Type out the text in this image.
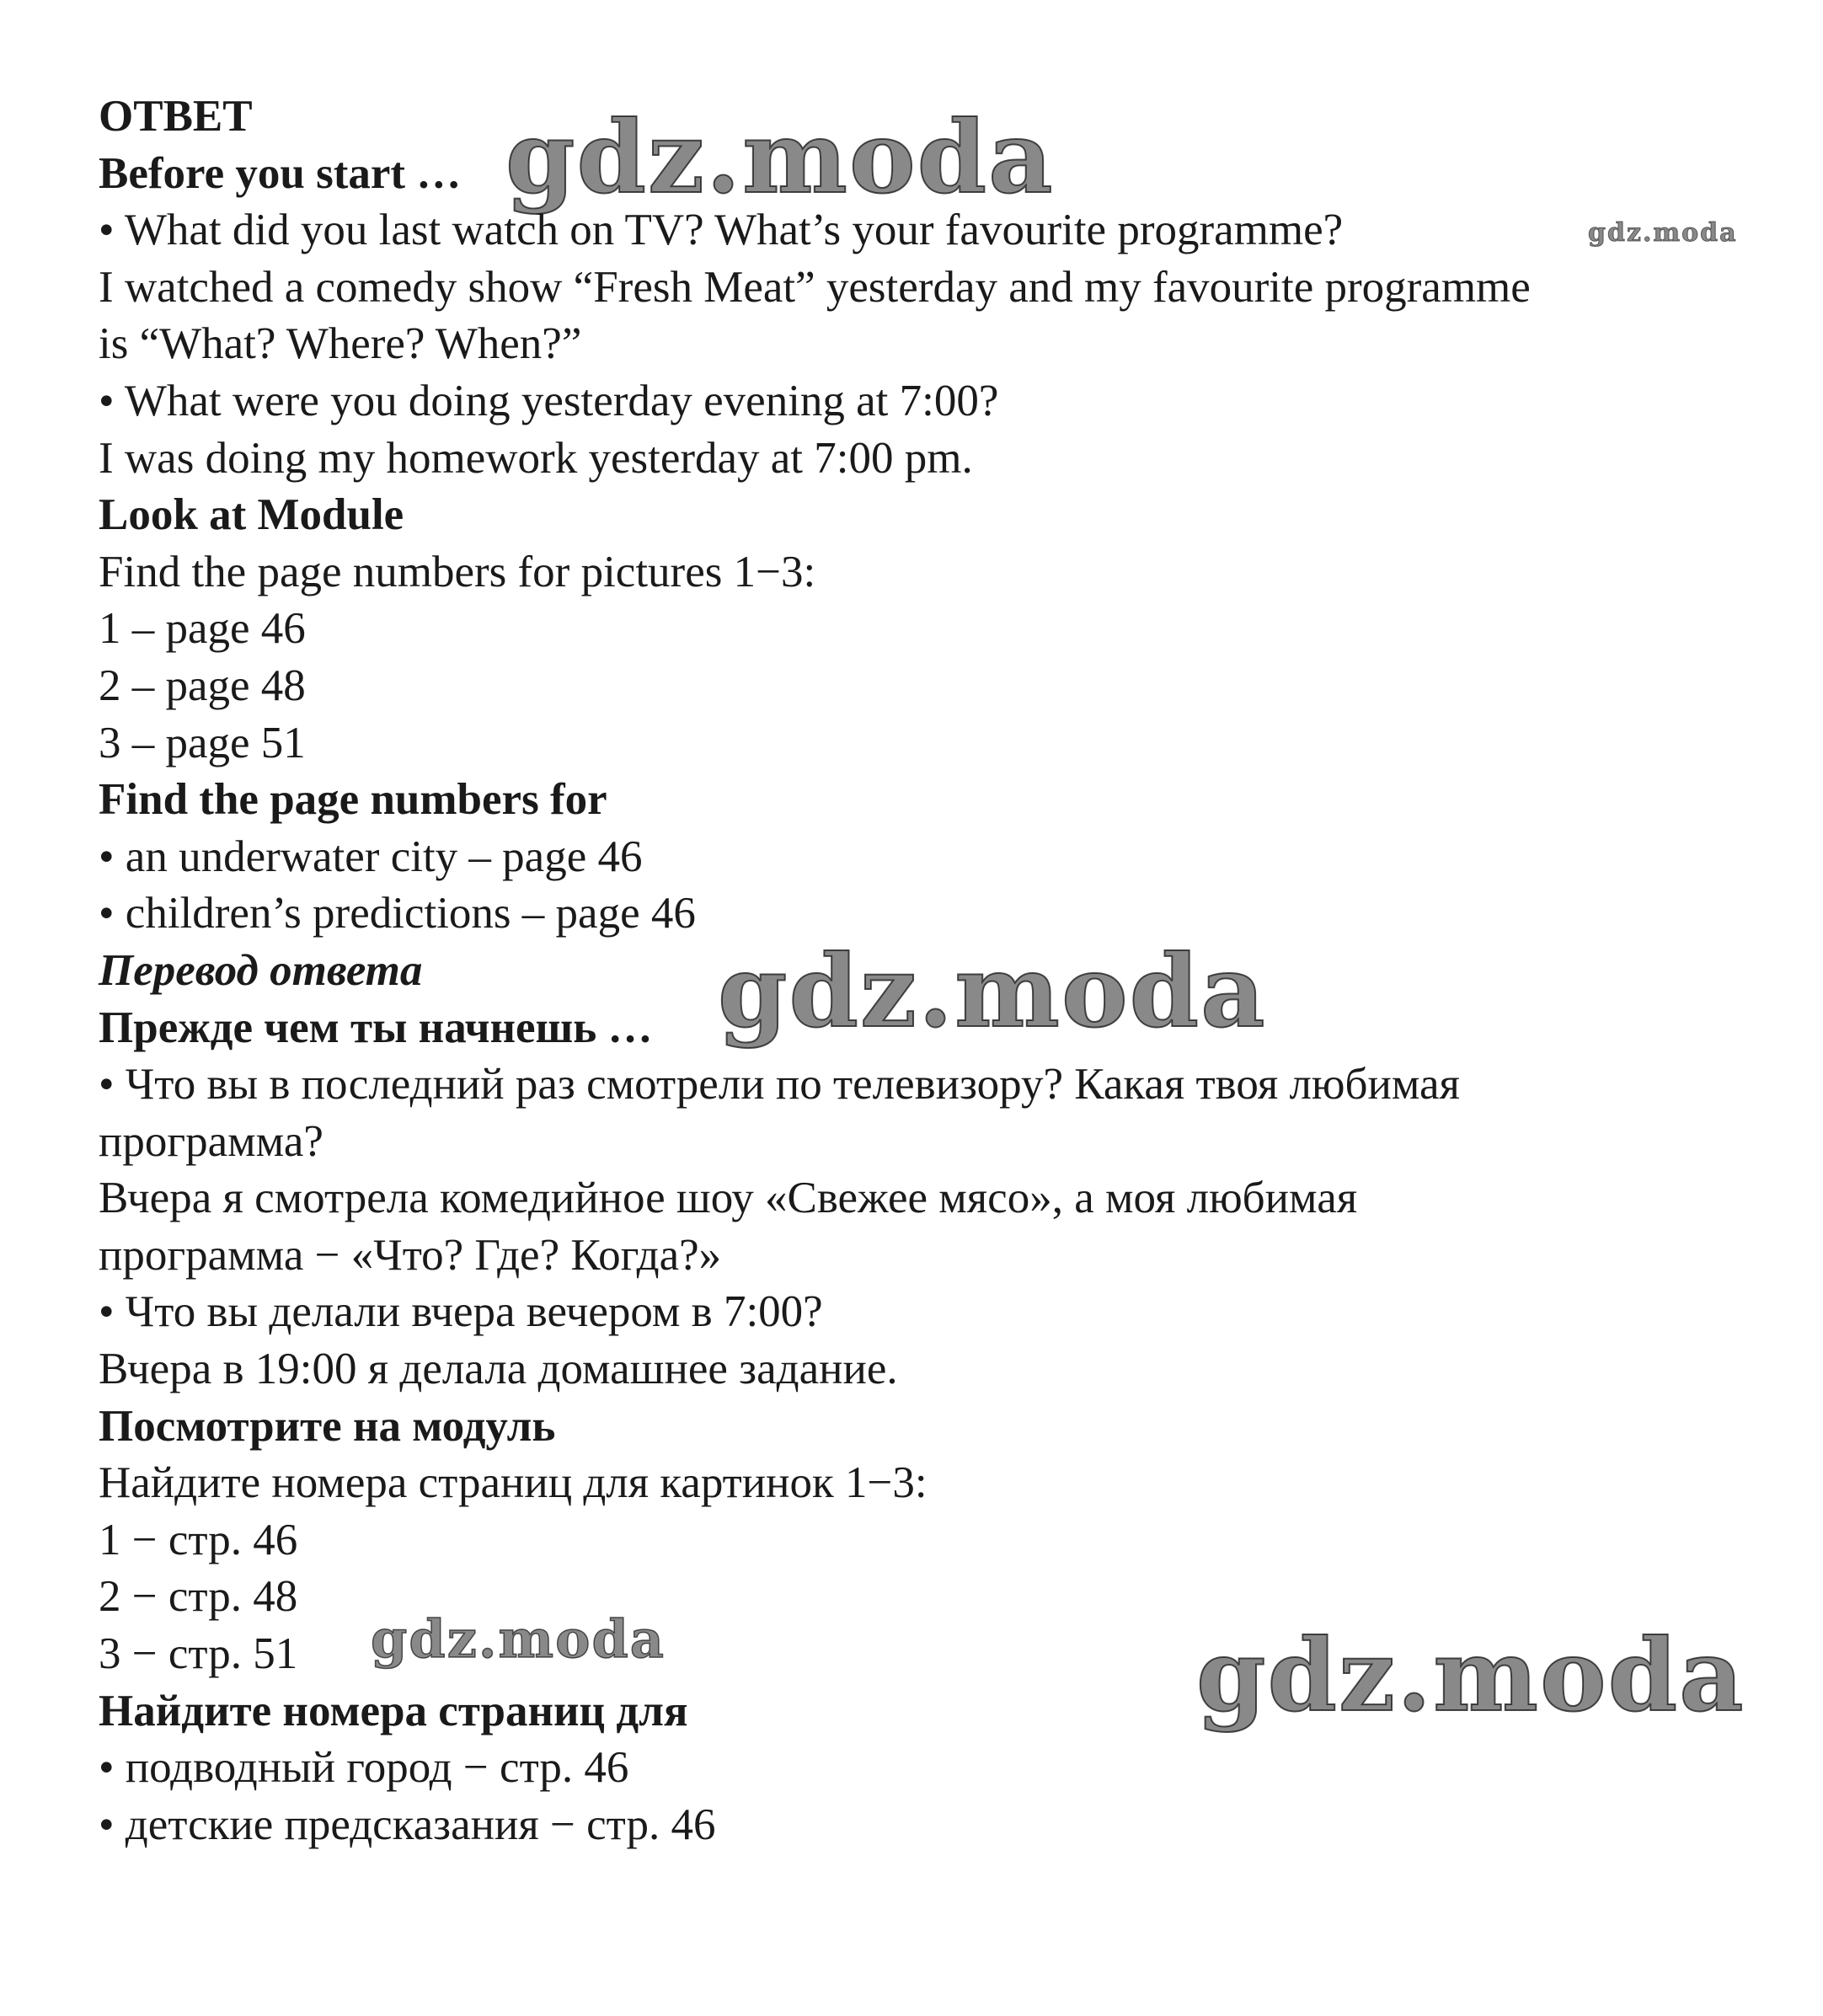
ОТВЕТ
Before you start …
• What did you last watch on TV? What’s your favourite programme?
I watched a comedy show “Fresh Meat” yesterday and my favourite programme
is “What? Where? When?”
• What were you doing yesterday evening at 7:00?
I was doing my homework yesterday at 7:00 pm.
Look at Module
Find the page numbers for pictures 1−3:
1 – page 46
2 – page 48
3 – page 51
Find the page numbers for
• an underwater city – page 46
• children’s predictions – page 46
Перевод ответа
Прежде чем ты начнешь …
• Что вы в последний раз смотрели по телевизору? Какая твоя любимая
программа?
Вчера я смотрела комедийное шоу «Свежее мясо», а моя любимая
программа − «Что? Где? Когда?»
• Что вы делали вчера вечером в 7:00?
Вчера в 19:00 я делала домашнее задание.
Посмотрите на модуль
Найдите номера страниц для картинок 1−3:
1 − стр. 46
2 − стр. 48
3 − стр. 51
Найдите номера страниц для
• подводный город − стр. 46
• детские предсказания − стр. 46
gdz.moda
gdz.moda
gdz.moda
gdz.moda	gdz.moda
